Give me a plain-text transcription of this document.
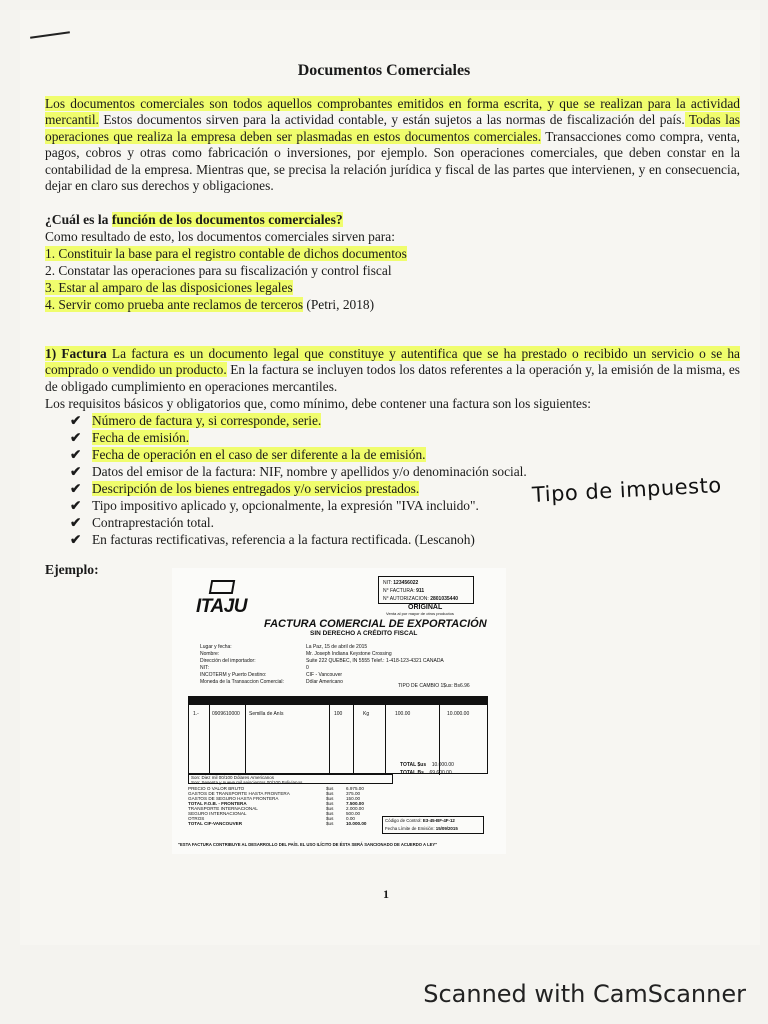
Documentos Comerciales
Los documentos comerciales son todos aquellos comprobantes emitidos en forma escrita, y que se realizan para la actividad mercantil. Estos documentos sirven para la actividad contable, y están sujetos a las normas de fiscalización del país. Todas las operaciones que realiza la empresa deben ser plasmadas en estos documentos comerciales. Transacciones como compra, venta, pagos, cobros y otras como fabricación o inversiones, por ejemplo. Son operaciones comerciales, que deben constar en la contabilidad de la empresa. Mientras que, se precisa la relación jurídica y fiscal de las partes que intervienen, y en consecuencia, dejar en claro sus derechos y obligaciones.
¿Cuál es la función de los documentos comerciales?
Como resultado de esto, los documentos comerciales sirven para:
1. Constituir la base para el registro contable de dichos documentos
2. Constatar las operaciones para su fiscalización y control fiscal
3. Estar al amparo de las disposiciones legales
4. Servir como prueba ante reclamos de terceros (Petri, 2018)
1) Factura La factura es un documento legal que constituye y autentifica que se ha prestado o recibido un servicio o se ha comprado o vendido un producto. En la factura se incluyen todos los datos referentes a la operación y, la emisión de la misma, es de obligado cumplimiento en operaciones mercantiles.
Los requisitos básicos y obligatorios que, como mínimo, debe contener una factura son los siguientes:
✔ Número de factura y, si corresponde, serie.
✔ Fecha de emisión.
✔ Fecha de operación en el caso de ser diferente a la de emisión.
✔ Datos del emisor de la factura: NIF, nombre y apellidos y/o denominación social.
✔ Descripción de los bienes entregados y/o servicios prestados.
✔ Tipo impositivo aplicado y, opcionalmente, la expresión "IVA incluido".
✔ Contraprestación total.
✔ En facturas rectificativas, referencia a la factura rectificada. (Lescanoh)
Tipo de impuesto
Ejemplo:
ITAJU
NIT: 123456022
N° FACTURA: 911
N° AUTORIZACION: 2801035440
ORIGINAL
Venta al por mayor de otros productos
FACTURA COMERCIAL DE EXPORTACIÓN
SIN DERECHO A CRÉDITO FISCAL
Lugar y fecha:	La Paz, 15 de abril de 2015
Nombre:	Mr. Joseph Indiana Keystone Crossing
Dirección del importador:	Suite 222 QUEBEC, IN 5555 Telef.: 1-418-123-4321 CANADA
NIT:	0
INCOTERM y Puerto Destino:	CIF - Vancouver
Moneda de la Transaccion Comercial:	Dólar Americano
TIPO DE CAMBIO 1$us: Bs6.96
1.-	0909610000 Semilla de Anís	100	Kg	100.00	10.000.00
TOTAL $us 10.000.00
TOTAL Bs 69.600.00
Son: Diez mil 00/100 Dólares Americanos
Son: Sesenta y nueve mil seiscientos 00/100 Bolivianos.
PRECIO O VALOR BRUTO	$us	6.975.00
GASTOS DE TRANSPORTE HASTA FRONTERA	$us	375.00
GASTOS DE SEGURO HASTA FRONTERA	$us	150.00
TOTAL F.O.B. - FRONTERA	$us	7.500.00
TRANSPORTE INTERNACIONAL	$us	2.000.00
SEGURO INTERNACIONAL	$us	500.00
OTROS	$us	0.00
TOTAL CIF-VANCOUVER	$us	10.000.00
Código de Control: E3-45-BF-4F-12
Fecha Límite de Emisión: 15/09/2015
"ESTA FACTURA CONTRIBUYE AL DESARROLLO DEL PAÍS. EL USO ILÍCITO DE ÉSTA SERÁ SANCIONADO DE ACUERDO A LEY"
1
Scanned with CamScanner
